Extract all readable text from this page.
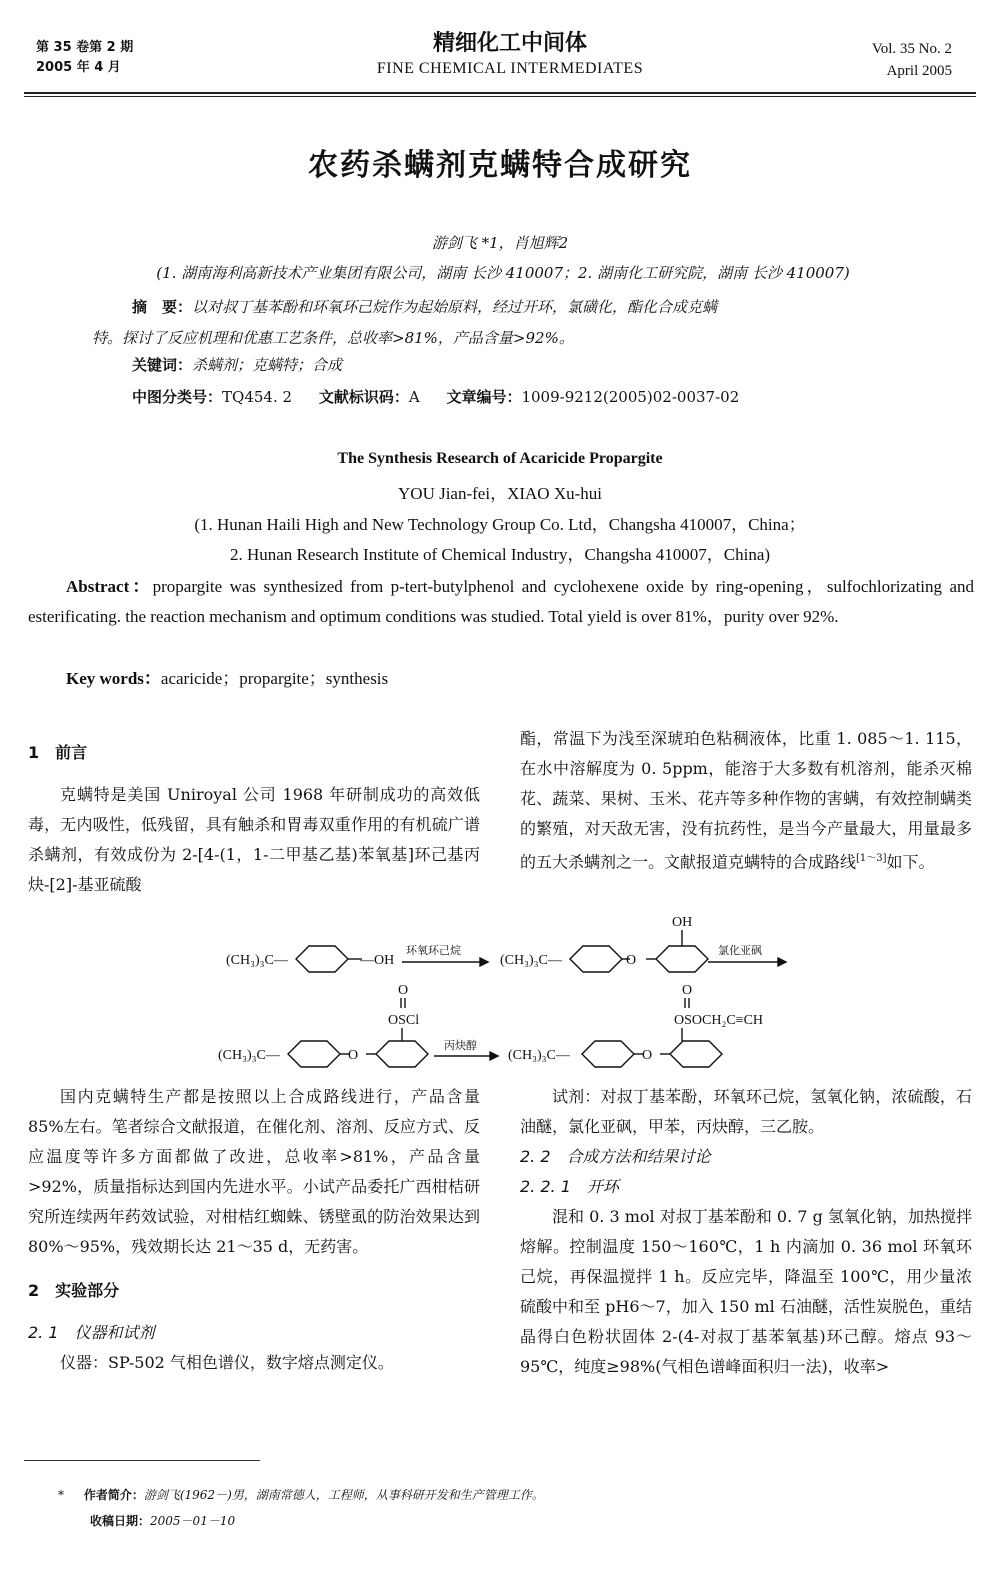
第 35 卷第 2 期
2005 年 4 月
精细化工中间体
FINE CHEMICAL INTERMEDIATES
Vol. 35 No. 2
April 2005
农药杀螨剂克螨特合成研究
游剑飞 *1，肖旭辉2
(1. 湖南海利高新技术产业集团有限公司，湖南 长沙 410007；2. 湖南化工研究院，湖南 长沙 410007)
摘　要：以对叔丁基苯酚和环氧环己烷作为起始原料，经过开环，氯磺化，酯化合成克螨
特。探讨了反应机理和优惠工艺条件，总收率>81%，产品含量>92%。
关键词：杀螨剂；克螨特；合成
中图分类号：TQ454. 2 文献标识码：A 文章编号：1009-9212(2005)02-0037-02
The Synthesis Research of Acaricide Propargite
YOU Jian-fei，XIAO Xu-hui
(1. Hunan Haili High and New Technology Group Co. Ltd，Changsha 410007，China；
2. Hunan Research Institute of Chemical Industry，Changsha 410007，China)
Abstract：propargite was synthesized from p-tert-butylphenol and cyclohexene oxide by ring-opening，sulfochlorizating and esterificating. the reaction mechanism and optimum conditions was studied. Total yield is over 81%，purity over 92%.
Key words：acaricide；propargite；synthesis

1　前言

克螨特是美国 Uniroyal 公司 1968 年研制成功的高效低毒，无内吸性，低残留，具有触杀和胃毒双重作用的有机硫广谱杀螨剂，有效成份为 2-[4-(1，1-二甲基乙基)苯氧基]环己基丙炔-[2]-基亚硫酸

酯，常温下为浅至深琥珀色粘稠液体，比重 1. 085～1. 115，在水中溶解度为 0. 5ppm，能溶于大多数有机溶剂，能杀灭棉花、蔬菜、果树、玉米、花卉等多种作物的害螨，有效控制螨类的繁殖，对天敌无害，没有抗药性，是当今产量最大，用量最多的五大杀螨剂之一。文献报道克螨特的合成路线[1～3]如下。

(CH₃)₃C—	—OH
环氧环己烷
(CH₃)₃C—	O
OH
氯化亚砜
(CH₃)₃C—	O
O
OSCl
丙炔醇
(CH₃)₃C—	O
O
OSOCH₂C≡CH

国内克螨特生产都是按照以上合成路线进行，产品含量 85%左右。笔者综合文献报道，在催化剂、溶剂、反应方式、反应温度等许多方面都做了改进，总收率>81%，产品含量>92%，质量指标达到国内先进水平。小试产品委托广西柑桔研究所连续两年药效试验，对柑桔红蜘蛛、锈壁虱的防治效果达到 80%～95%，残效期长达 21～35 d，无药害。

2　实验部分

2. 1　仪器和试剂

仪器：SP-502 气相色谱仪，数字熔点测定仪。

试剂：对叔丁基苯酚，环氧环己烷，氢氧化钠，浓硫酸，石油醚，氯化亚砜，甲苯，丙炔醇，三乙胺。

2. 2　合成方法和结果讨论

2. 2. 1　开环

混和 0. 3 mol 对叔丁基苯酚和 0. 7 g 氢氧化钠，加热搅拌熔解。控制温度 150～160℃，1 h 内滴加 0. 36 mol 环氧环己烷，再保温搅拌 1 h。反应完毕，降温至 100℃，用少量浓硫酸中和至 pH6～7，加入 150 ml 石油醚，活性炭脱色，重结晶得白色粉状固体 2-(4-对叔丁基苯氧基)环己醇。熔点 93～95℃，纯度≥98%(气相色谱峰面积归一法)，收率>

* 作者简介：游剑飞(1962－)男，湖南常德人，工程师，从事科研开发和生产管理工作。
收稿日期：2005－01－10
